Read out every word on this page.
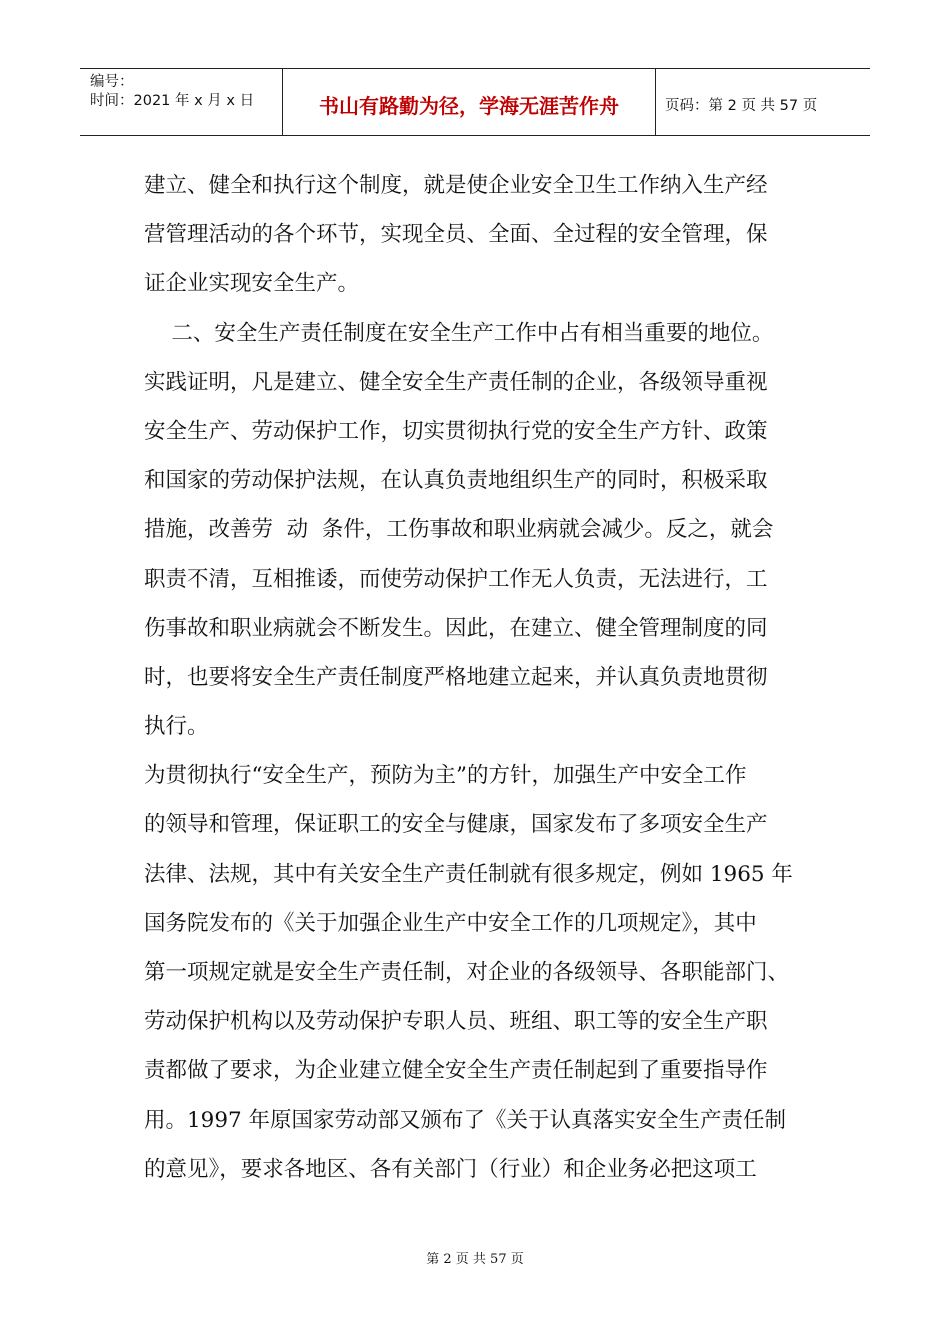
编号：
时间：2021 年 x 月 x 日	书山有路勤为径，学海无涯苦作舟	页码：第 2 页 共 57 页
建立、健全和执行这个制度，就是使企业安全卫生工作纳入生产经
营管理活动的各个环节，实现全员、全面、全过程的安全管理，保
证企业实现安全生产。
二、安全生产责任制度在安全生产工作中占有相当重要的地位。
实践证明，凡是建立、健全安全生产责任制的企业，各级领导重视
安全生产、劳动保护工作，切实贯彻执行党的安全生产方针、政策
和国家的劳动保护法规，在认真负责地组织生产的同时，积极采取
措施，改善劳  动  条件，工伤事故和职业病就会减少。反之，就会
职责不清，互相推诿，而使劳动保护工作无人负责，无法进行，工
伤事故和职业病就会不断发生。因此，在建立、健全管理制度的同
时，也要将安全生产责任制度严格地建立起来，并认真负责地贯彻
执行。
为贯彻执行“安全生产，预防为主”的方针，加强生产中安全工作
的领导和管理，保证职工的安全与健康，国家发布了多项安全生产
法律、法规，其中有关安全生产责任制就有很多规定，例如 1965 年
国务院发布的《关于加强企业生产中安全工作的几项规定》，其中
第一项规定就是安全生产责任制，对企业的各级领导、各职能部门、
劳动保护机构以及劳动保护专职人员、班组、职工等的安全生产职
责都做了要求，为企业建立健全安全生产责任制起到了重要指导作
用。1997 年原国家劳动部又颁布了《关于认真落实安全生产责任制
的意见》，要求各地区、各有关部门（行业）和企业务必把这项工
第 2 页 共 57 页
